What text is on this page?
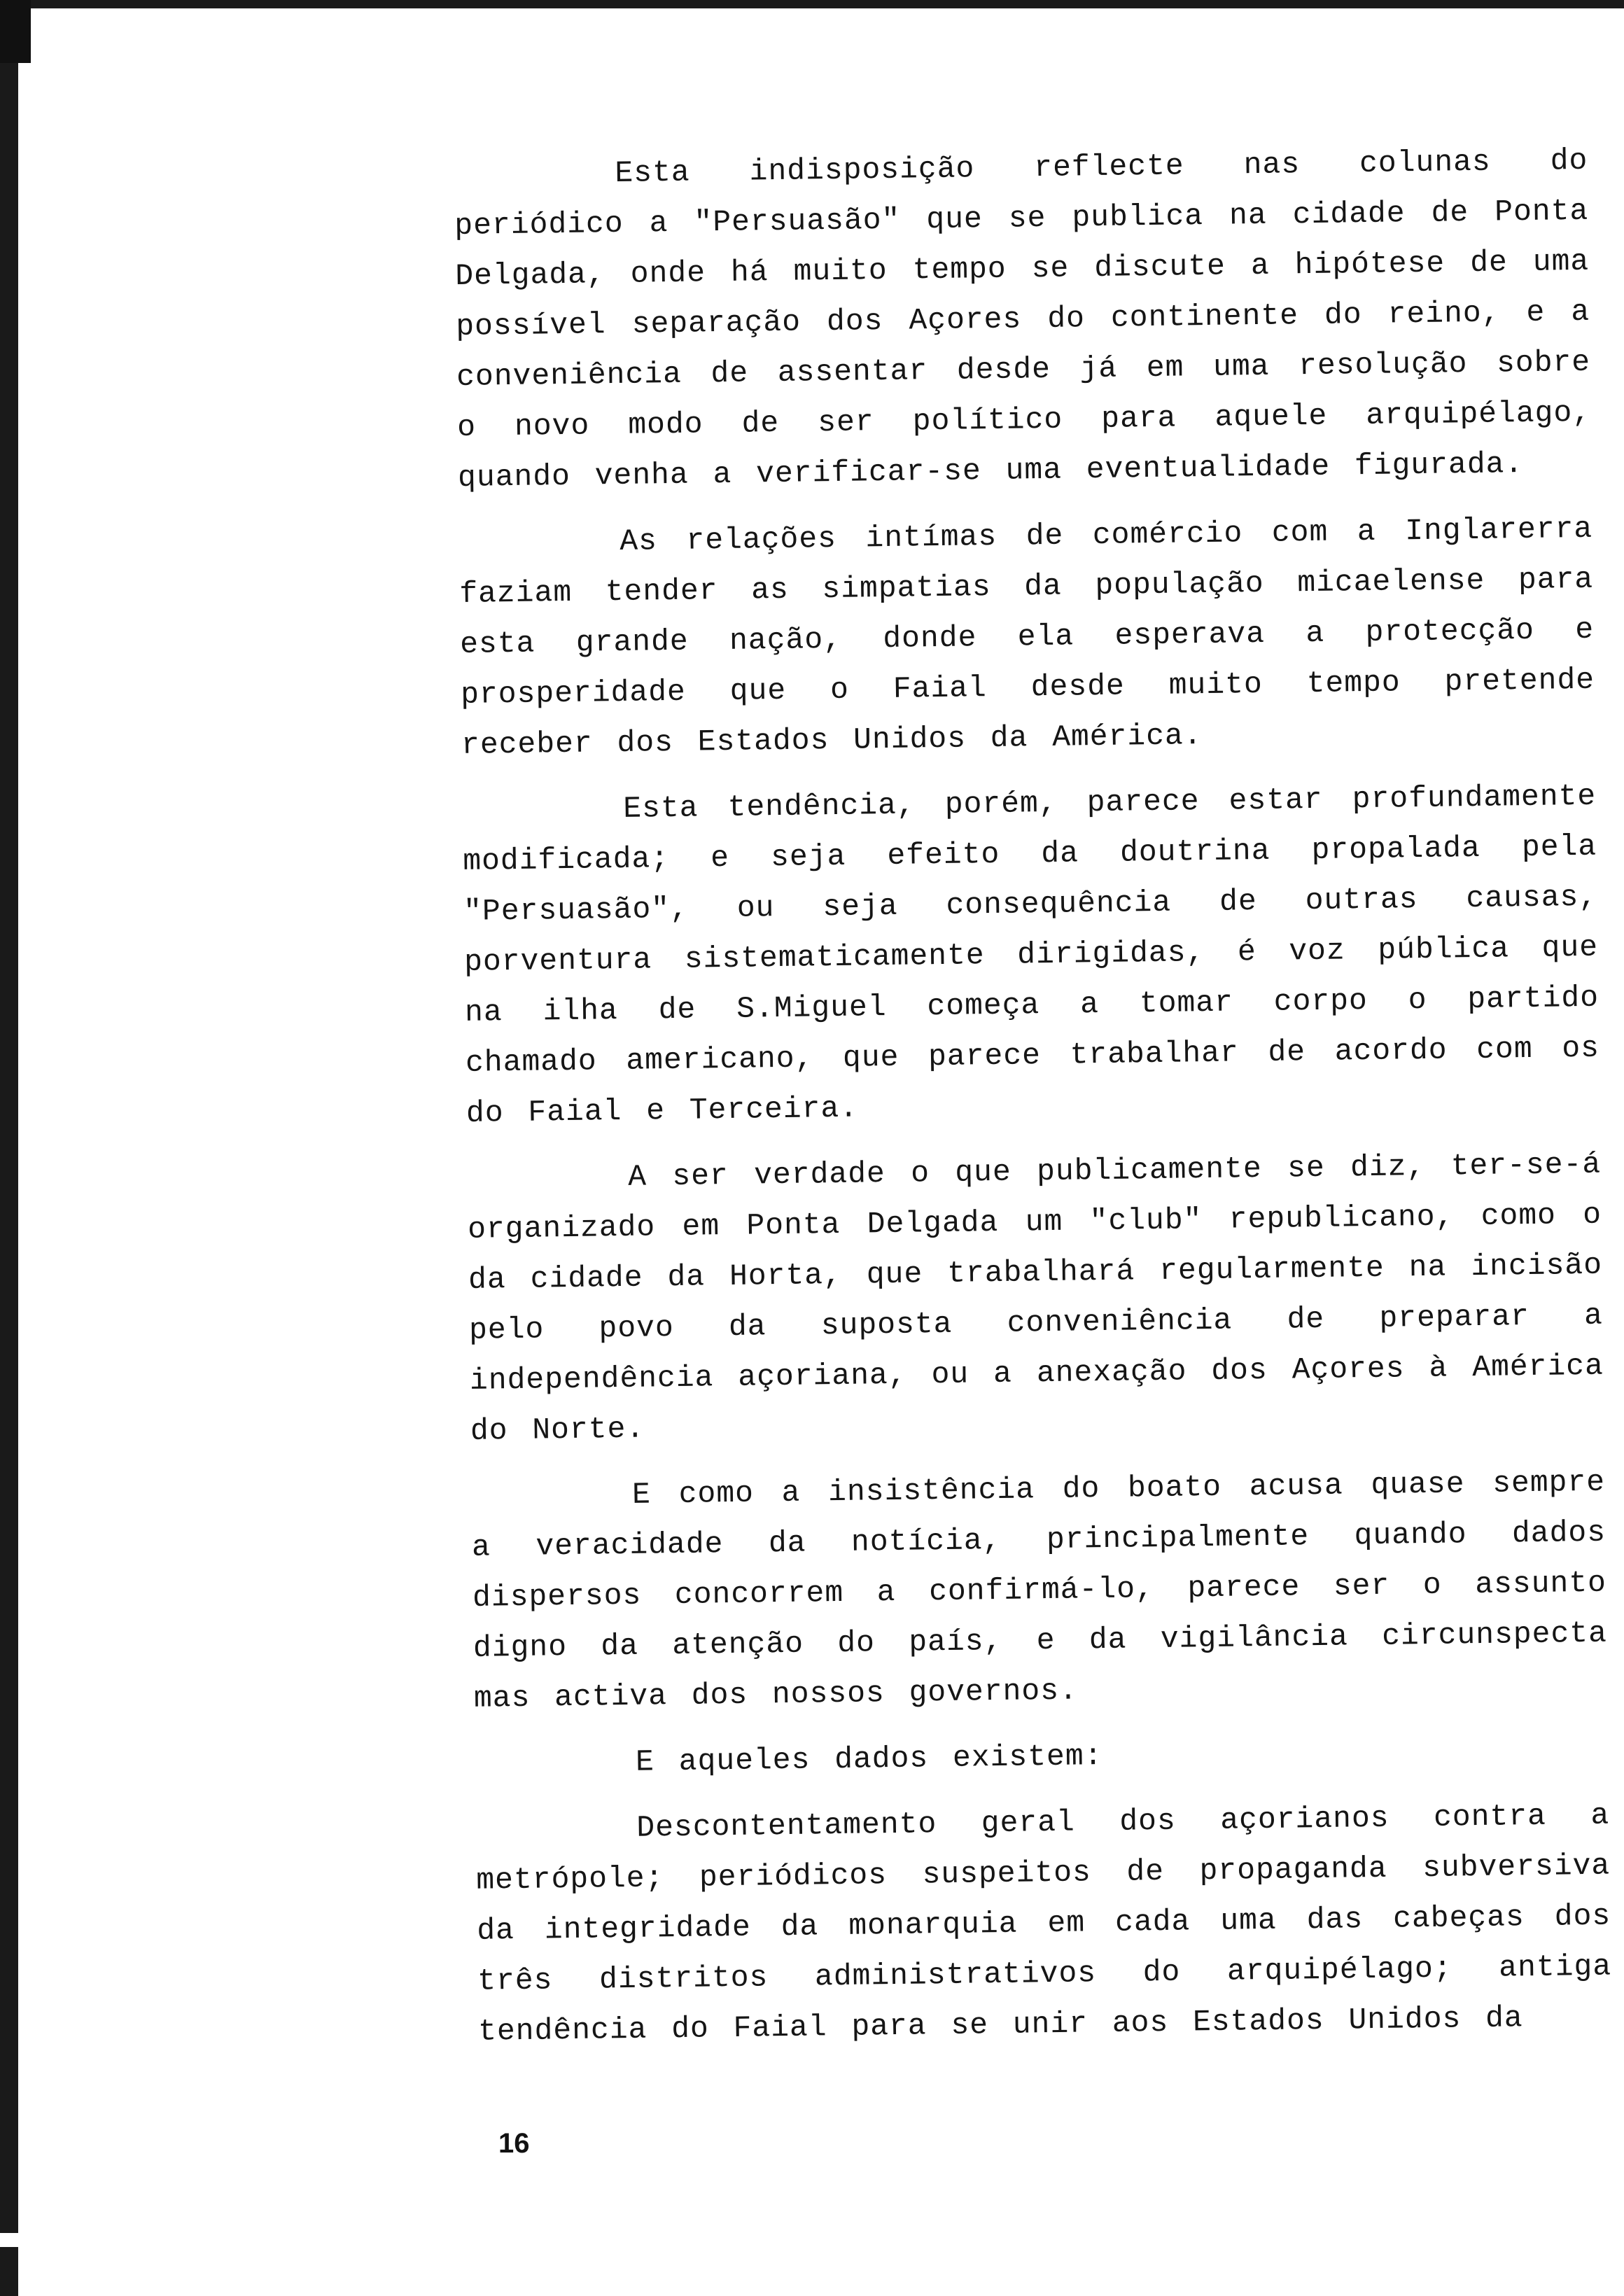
Esta indisposição reflecte nas colunas do periódico a "Persuasão" que se publica na cidade de Ponta Delgada, onde há muito tempo se discute a hipótese de uma possível separação dos Açores do continente do reino, e a conveniência de assentar desde já em uma resolução sobre o novo modo de ser político para aquele arquipélago, quando venha a verificar-se uma eventualidade figurada.

As relações intímas de comércio com a Inglarerra faziam tender as simpatias da população micaelense para esta grande nação, donde ela esperava a protecção e prosperidade que o Faial desde muito tempo pretende receber dos Estados Unidos da América.

Esta tendência, porém, parece estar profundamente modificada; e seja efeito da doutrina propalada pela "Persuasão", ou seja consequência de outras causas, porventura sistematicamente dirigidas, é voz pública que na ilha de S.Miguel começa a tomar corpo o partido chamado americano, que parece trabalhar de acordo com os do Faial e Terceira.

A ser verdade o que publicamente se diz, ter-se-á organizado em Ponta Delgada um "club" republicano, como o da cidade da Horta, que trabalhará regularmente na incisão pelo povo da suposta conveniência de preparar a independência açoriana, ou a anexação dos Açores à América do Norte.

E como a insistência do boato acusa quase sempre a veracidade da notícia, principalmente quando dados dispersos concorrem a confirmá-lo, parece ser o assunto digno da atenção do país, e da vigilância circunspecta mas activa dos nossos governos.

E aqueles dados existem:

Descontentamento geral dos açorianos contra a metrópole; periódicos suspeitos de propaganda subversiva da integridade da monarquia em cada uma das cabeças dos três distritos administrativos do arquipélago; antiga tendência do Faial para se unir aos Estados Unidos da

16
